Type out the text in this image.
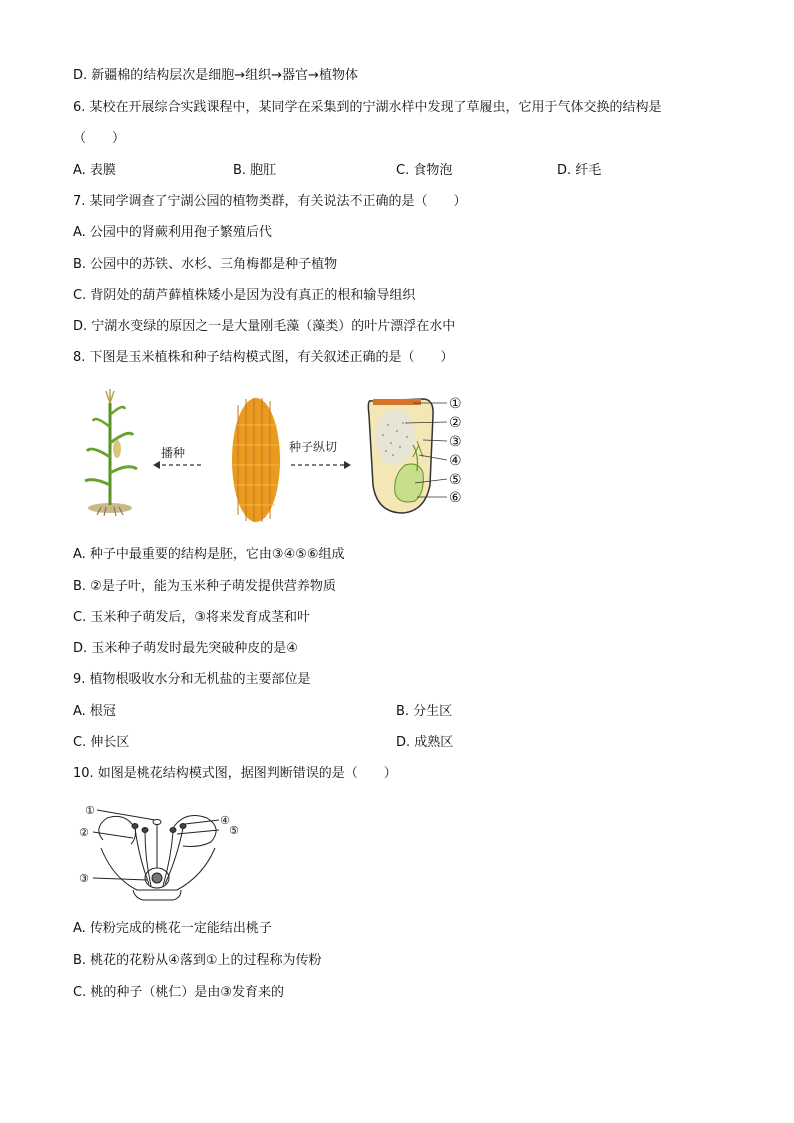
D. 新疆棉的结构层次是细胞→组织→器官→植物体
6. 某校在开展综合实践课程中，某同学在采集到的宁湖水样中发现了草履虫，它用于气体交换的结构是
（　　）
A. 表膜	B. 胞肛	C. 食物泡	D. 纤毛
7. 某同学调查了宁湖公园的植物类群，有关说法不正确的是（　　）
A. 公园中的肾蕨利用孢子繁殖后代
B. 公园中的苏铁、水杉、三角梅都是种子植物
C. 背阴处的葫芦藓植株矮小是因为没有真正的根和输导组织
D. 宁湖水变绿的原因之一是大量刚毛藻（藻类）的叶片漂浮在水中
8. 下图是玉米植株和种子结构模式图，有关叙述正确的是（　　）
播种	种子纵切
①
②
③
④
⑤
⑥
A. 种子中最重要的结构是胚，它由③④⑤⑥组成
B. ②是子叶，能为玉米种子萌发提供营养物质
C. 玉米种子萌发后，③将来发育成茎和叶
D. 玉米种子萌发时最先突破种皮的是④
9. 植物根吸收水分和无机盐的主要部位是
A. 根冠	B. 分生区
C. 伸长区	D. 成熟区
10. 如图是桃花结构模式图，据图判断错误的是（　　）
①
②
③
④
⑤
A. 传粉完成的桃花一定能结出桃子
B. 桃花的花粉从④落到①上的过程称为传粉
C. 桃的种子（桃仁）是由③发育来的
